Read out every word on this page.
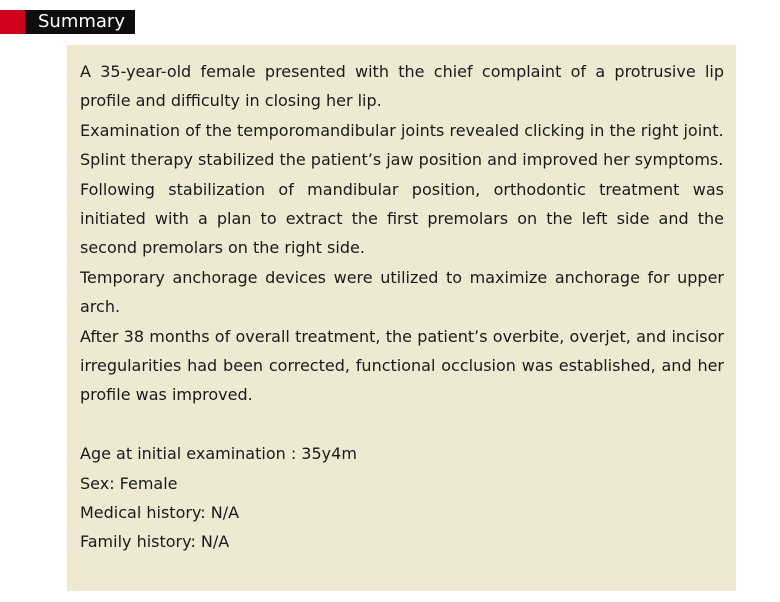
Summary

A 35-year-old female presented with the chief complaint of a protrusive lip profile and difficulty in closing her lip.

Examination of the temporomandibular joints revealed clicking in the right joint.

Splint therapy stabilized the patient’s jaw position and improved her symptoms.

Following stabilization of mandibular position, orthodontic treatment was initiated with a plan to extract the first premolars on the left side and the second premolars on the right side.

Temporary anchorage devices were utilized to maximize anchorage for upper arch.

After 38 months of overall treatment, the patient’s overbite, overjet, and incisor irregularities had been corrected, functional occlusion was established, and her profile was improved.

Age at initial examination : 35y4m

Sex: Female

Medical history: N/A

Family history: N/A
